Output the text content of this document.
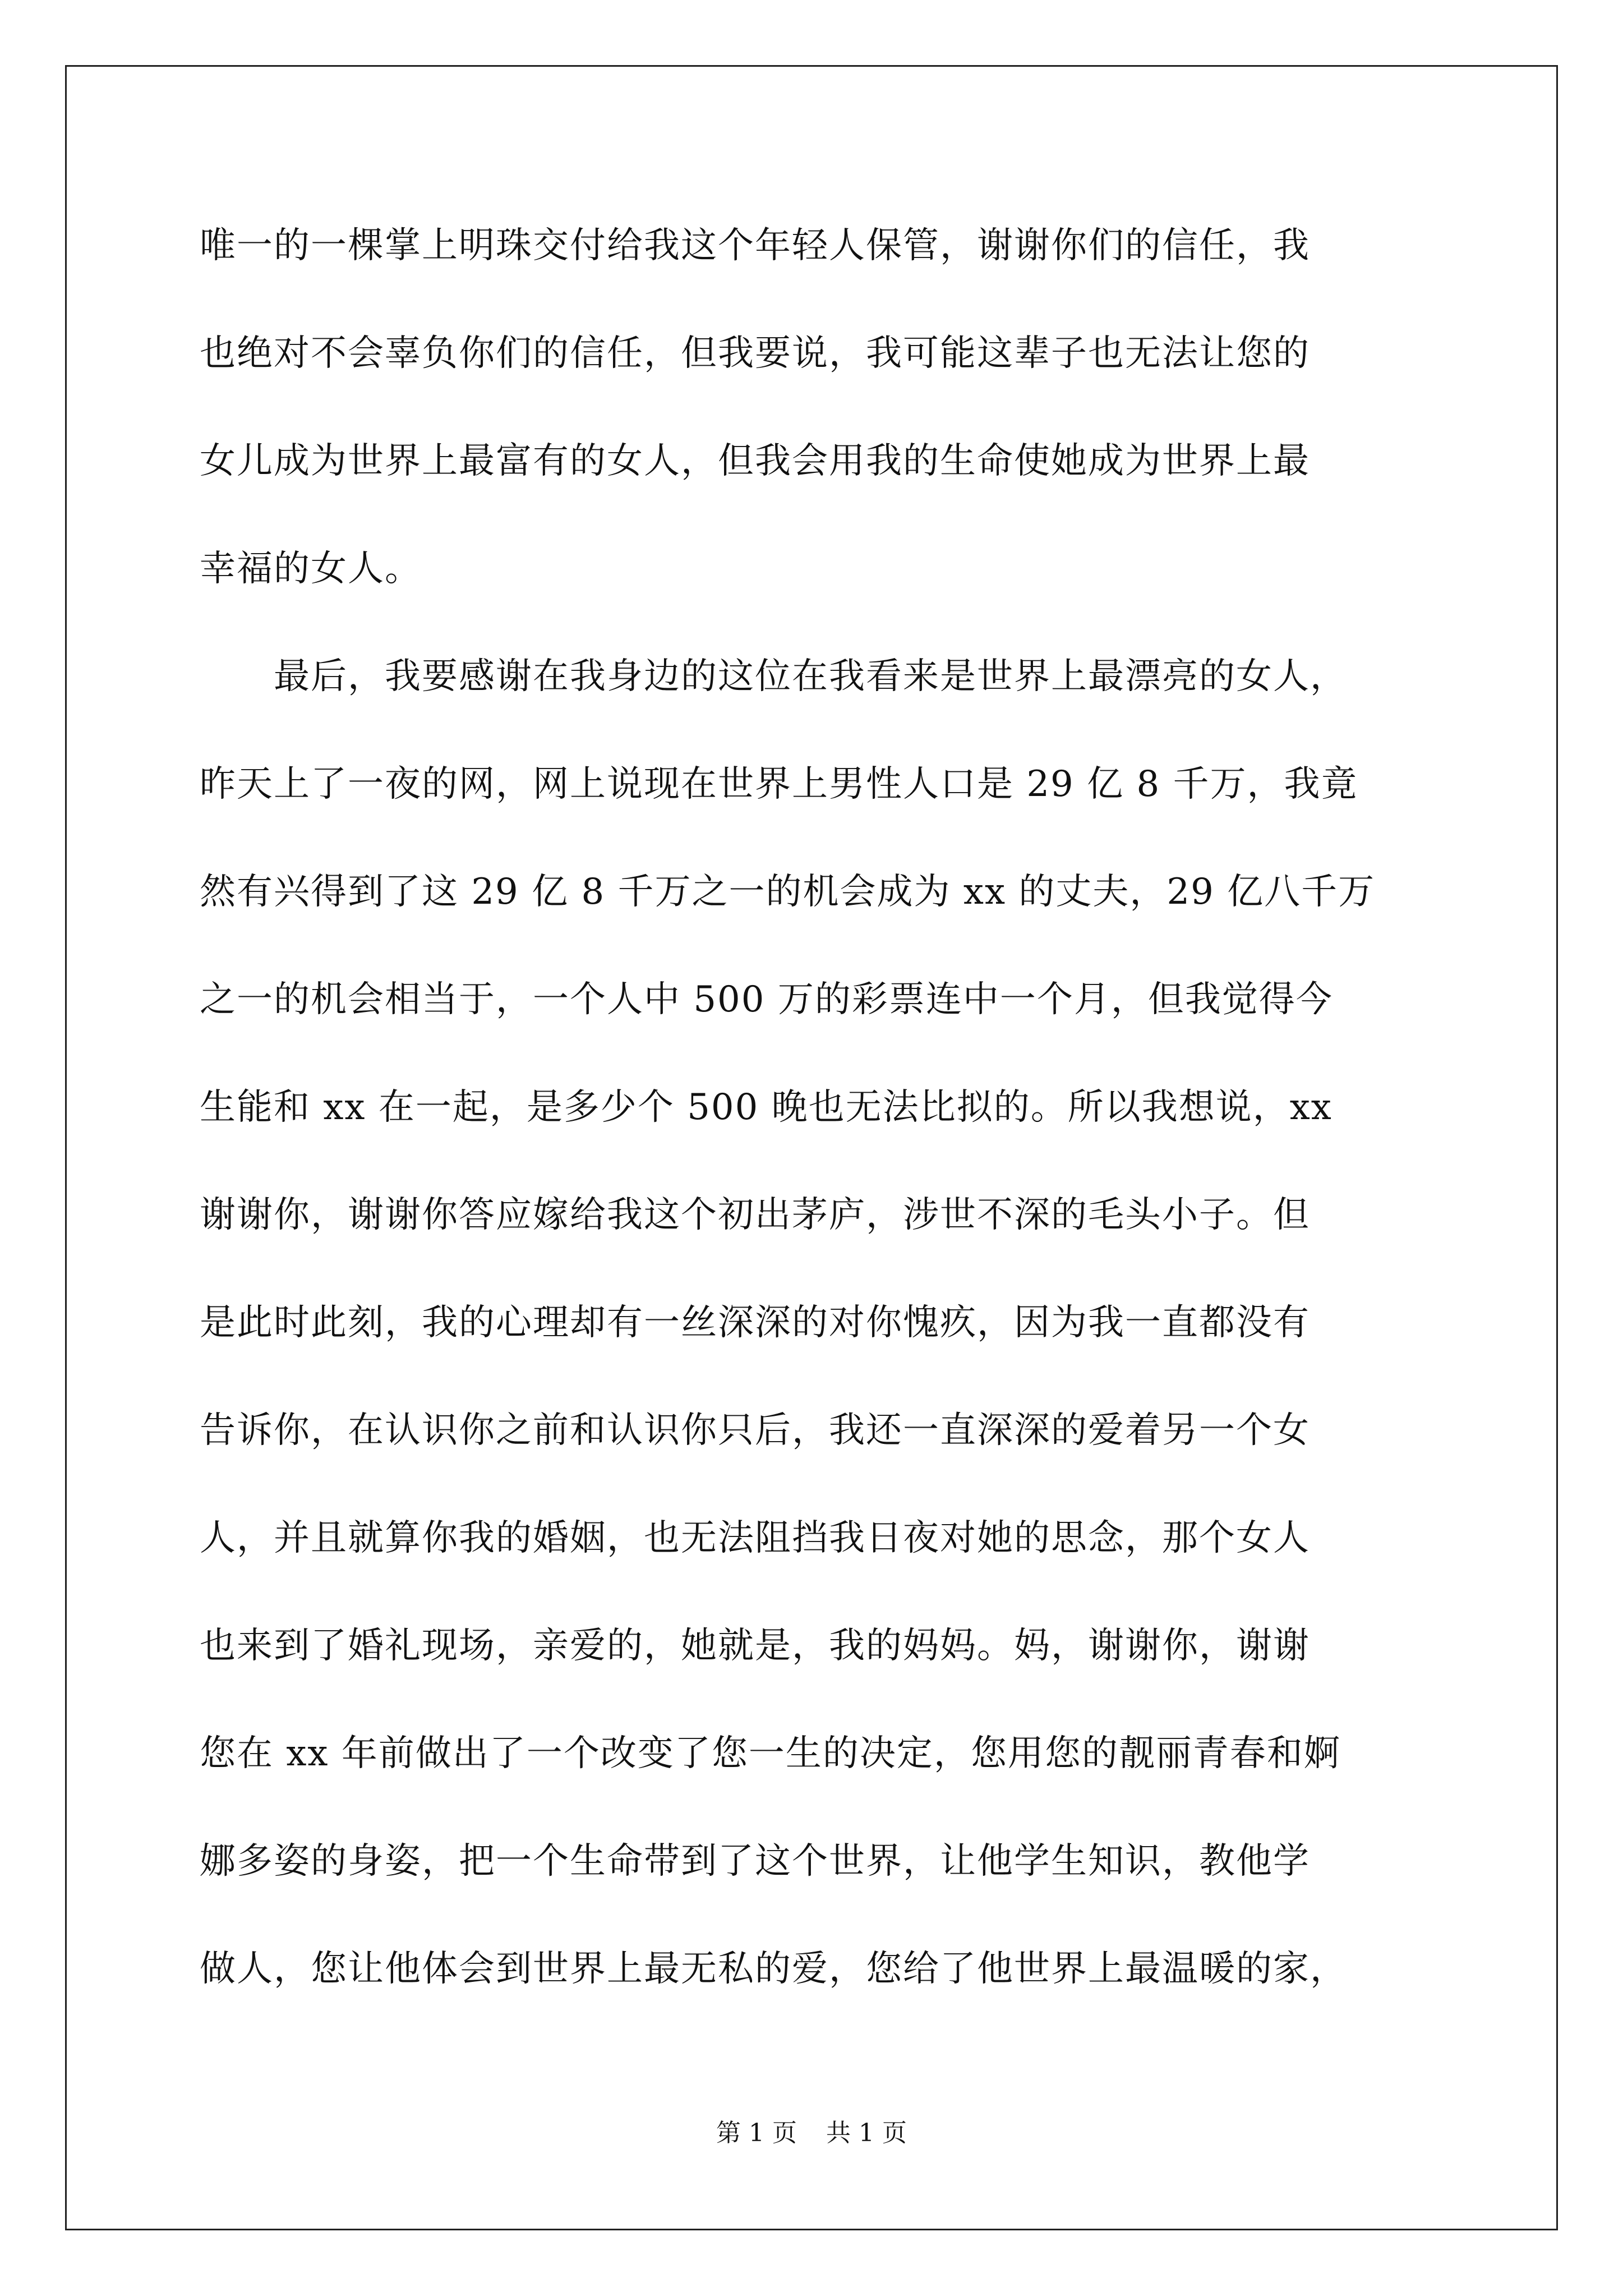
唯一的一棵掌上明珠交付给我这个年轻人保管，谢谢你们的信任，我
也绝对不会辜负你们的信任，但我要说，我可能这辈子也无法让您的
女儿成为世界上最富有的女人，但我会用我的生命使她成为世界上最
幸福的女人。
　　最后，我要感谢在我身边的这位在我看来是世界上最漂亮的女人，
昨天上了一夜的网，网上说现在世界上男性人口是 29 亿 8 千万，我竟
然有兴得到了这 29 亿 8 千万之一的机会成为 xx 的丈夫，29 亿八千万
之一的机会相当于，一个人中 500 万的彩票连中一个月，但我觉得今
生能和 xx 在一起，是多少个 500 晚也无法比拟的。所以我想说，xx
谢谢你，谢谢你答应嫁给我这个初出茅庐，涉世不深的毛头小子。但
是此时此刻，我的心理却有一丝深深的对你愧疚，因为我一直都没有
告诉你，在认识你之前和认识你只后，我还一直深深的爱着另一个女
人，并且就算你我的婚姻，也无法阻挡我日夜对她的思念，那个女人
也来到了婚礼现场，亲爱的，她就是，我的妈妈。妈，谢谢你，谢谢
您在 xx 年前做出了一个改变了您一生的决定，您用您的靓丽青春和婀
娜多姿的身姿，把一个生命带到了这个世界，让他学生知识，教他学
做人，您让他体会到世界上最无私的爱，您给了他世界上最温暖的家，
第 1 页 共 1 页
